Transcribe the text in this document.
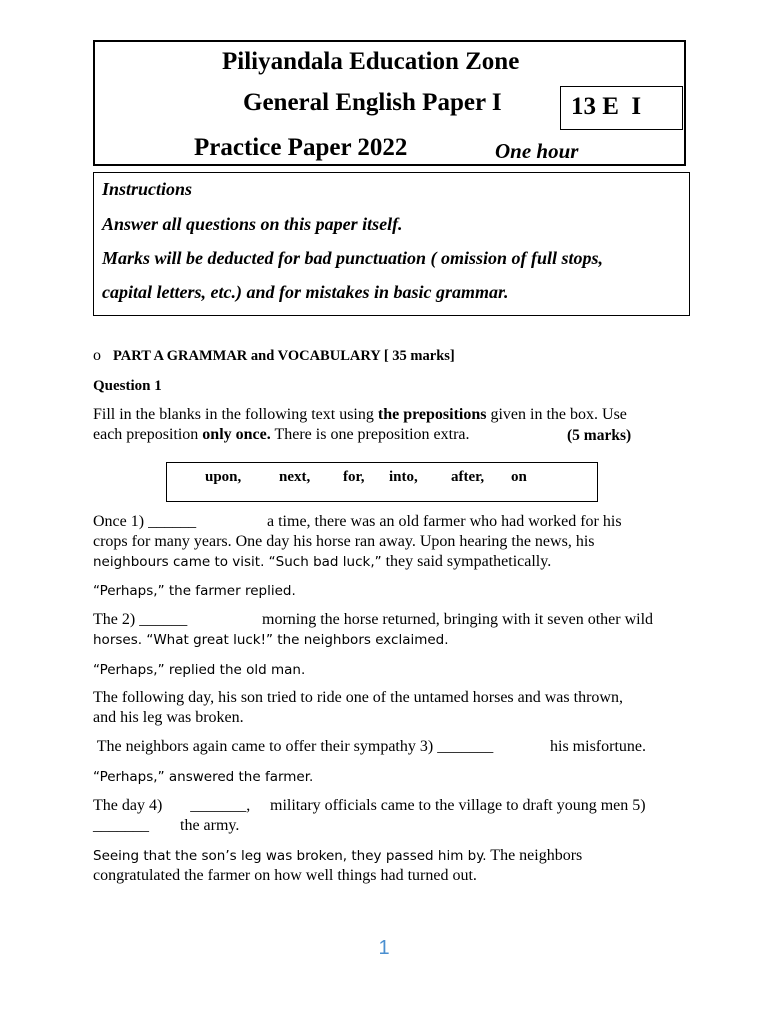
Piliyandala Education Zone
General English Paper I	13 E  I
Practice Paper 2022	One hour
Instructions
Answer all questions on this paper itself.
Marks will be deducted for bad punctuation ( omission of full stops,
capital letters, etc.) and for mistakes in basic grammar.
o PART A GRAMMAR and VOCABULARY [ 35 marks]
Question 1
Fill in the blanks in the following text using the prepositions given in the box. Use each preposition only once. There is one preposition extra.	(5 marks)
upon,	next, for, into, after, on
Once 1) ______	a time, there was an old farmer who had worked for his
crops for many years. One day his horse ran away. Upon hearing the news, his
neighbours came to visit. “Such bad luck,” they said sympathetically.
“Perhaps,” the farmer replied.
The 2) ______	morning the horse returned, bringing with it seven other wild
horses. “What great luck!” the neighbors exclaimed.
“Perhaps,” replied the old man.
The following day, his son tried to ride one of the untamed horses and was thrown,
and his leg was broken.
The neighbors again came to offer their sympathy 3) _______	his misfortune.
“Perhaps,” answered the farmer.
The day 4)       _______, military officials came to the village to draft young men 5)
_______ the army.
Seeing that the son’s leg was broken, they passed him by. The neighbors
congratulated the farmer on how well things had turned out.
1
